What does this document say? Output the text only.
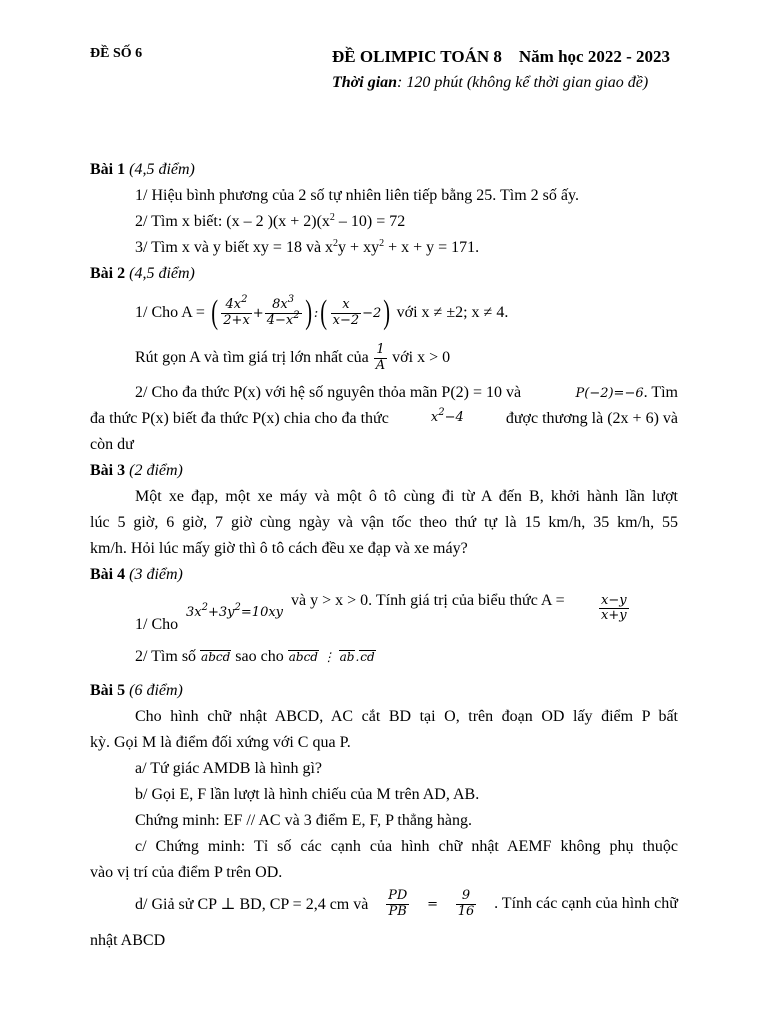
ĐỀ SỐ 6	ĐỀ OLIMPIC TOÁN 8 Năm học 2022 - 2023
Thời gian: 120 phút (không kể thời gian giao đề)
Bài 1 (4,5 điểm)
1/ Hiệu bình phương của 2 số tự nhiên liên tiếp bằng 25. Tìm 2 số ấy.
2/ Tìm x biết: (x – 2 )$(x + 2)(x^2 - 10) = 72$
3/ Tìm x và y biết xy = 18 và $x^2y + xy^2 + x + y = 171$.
Bài 2 (4,5 điểm)
1/ Cho A =
( $\frac{4x^2}{2+x} + \frac{8x^3}{4-x^2}$ ) : ( $\frac{x}{x-2} -2$ )
với x ≠ ±2; x ≠ 4.
Rút gọn A và tìm giá trị lớn nhất của
$\frac{1}{A}$
với x > 0
2/ Cho đa thức P(x) với hệ số nguyên thỏa mãn P(2) = 10 và	P(−2)=−6. Tìm
đa thức P(x) biết đa thức P(x) chia cho đa thức	$x^2-4$	được thương là (2x + 6) và
còn dư
Bài 3 (2 điểm)
Một xe đạp, một xe máy và một ô tô cùng đi từ A đến B, khởi hành lần lượt
lúc 5 giờ, 6 giờ, 7 giờ cùng ngày và vận tốc theo thứ tự là 15 km/h, 35 km/h, 55
km/h. Hỏi lúc mấy giờ thì ô tô cách đều xe đạp và xe máy?
Bài 4 (3 điểm)
$3x^2+3y^2=10xy$
và y > x > 0. Tính giá trị của biểu thức A =
1/ Cho
$\frac{x-y}{x+y}$
2/ Tìm số abcd sao cho abcd ⋮ ab.cd
Bài 5 (6 điểm)
Cho hình chữ nhật ABCD, AC cắt BD tại O, trên đoạn OD lấy điểm P bất
kỳ. Gọi M là điểm đối xứng với C qua P.
a/ Tứ giác AMDB là hình gì?
b/ Gọi E, F lần lượt là hình chiếu của M trên AD, AB.
Chứng minh: EF // AC và 3 điểm E, F, P thẳng hàng.
c/ Chứng minh: Tỉ số các cạnh của hình chữ nhật AEMF không phụ thuộc
vào vị trí của điểm P trên OD.
d/ Giả sử CP ⊥ BD, CP = 2,4 cm và $\frac{PD}{PB} = \frac{9}{16}$ . Tính các cạnh của hình chữ
nhật ABCD
